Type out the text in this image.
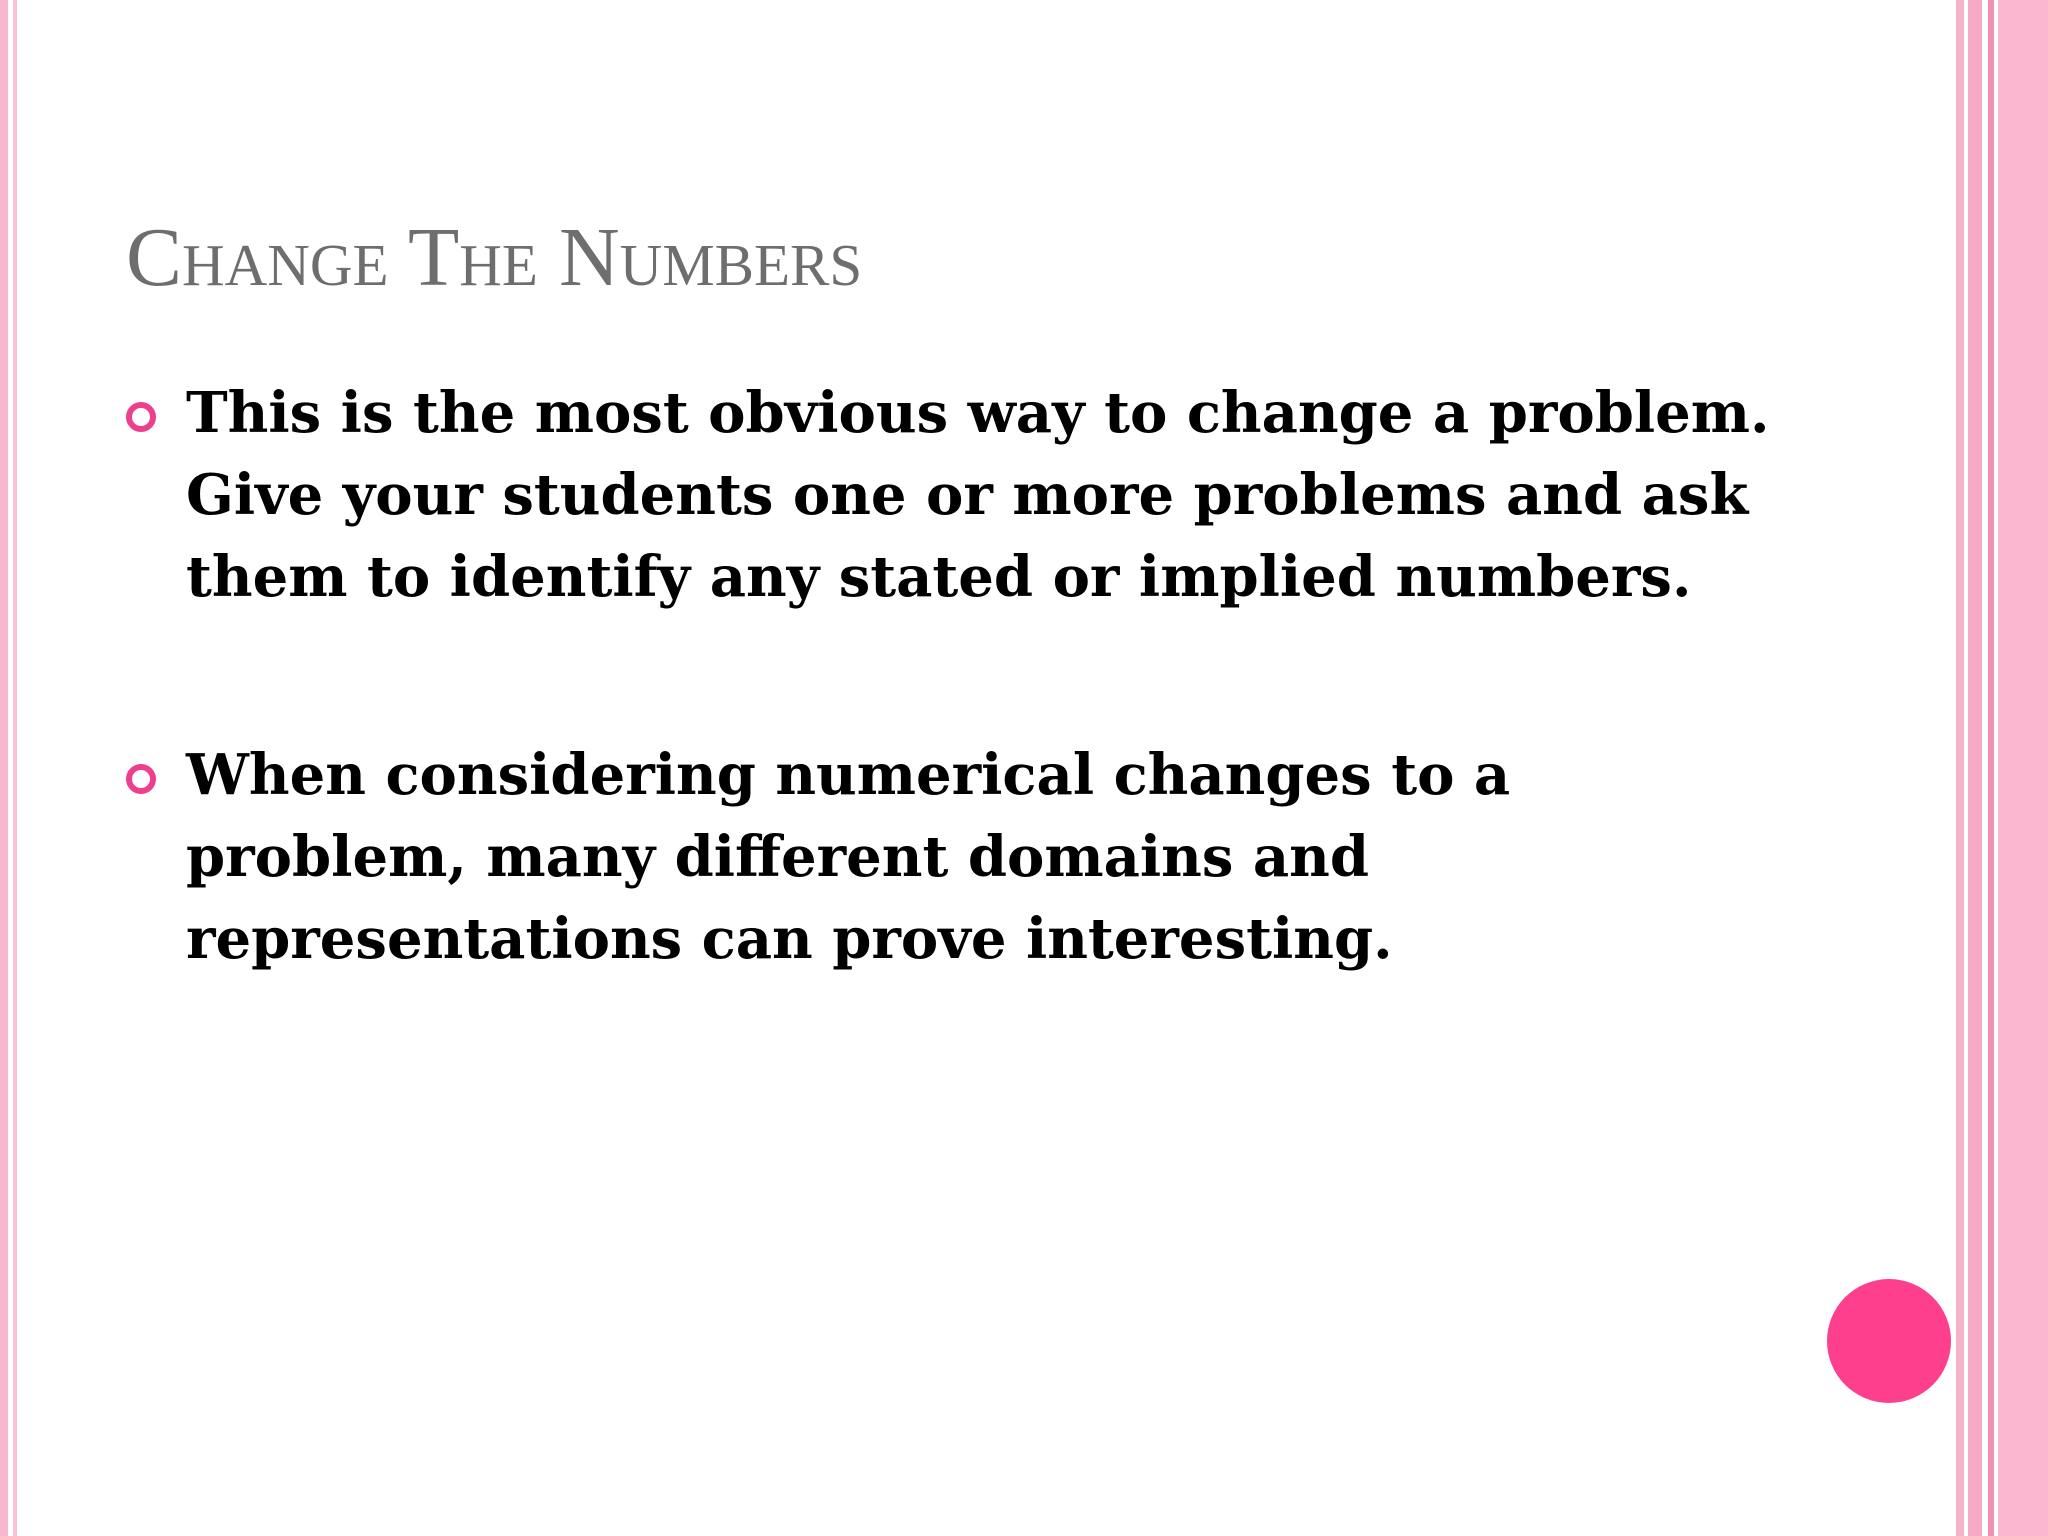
Change The Numbers
This is the most obvious way to change a problem. Give your students one or more problems and ask them to identify any stated or implied numbers.
When considering numerical changes to a problem, many different domains and representations can prove interesting.
